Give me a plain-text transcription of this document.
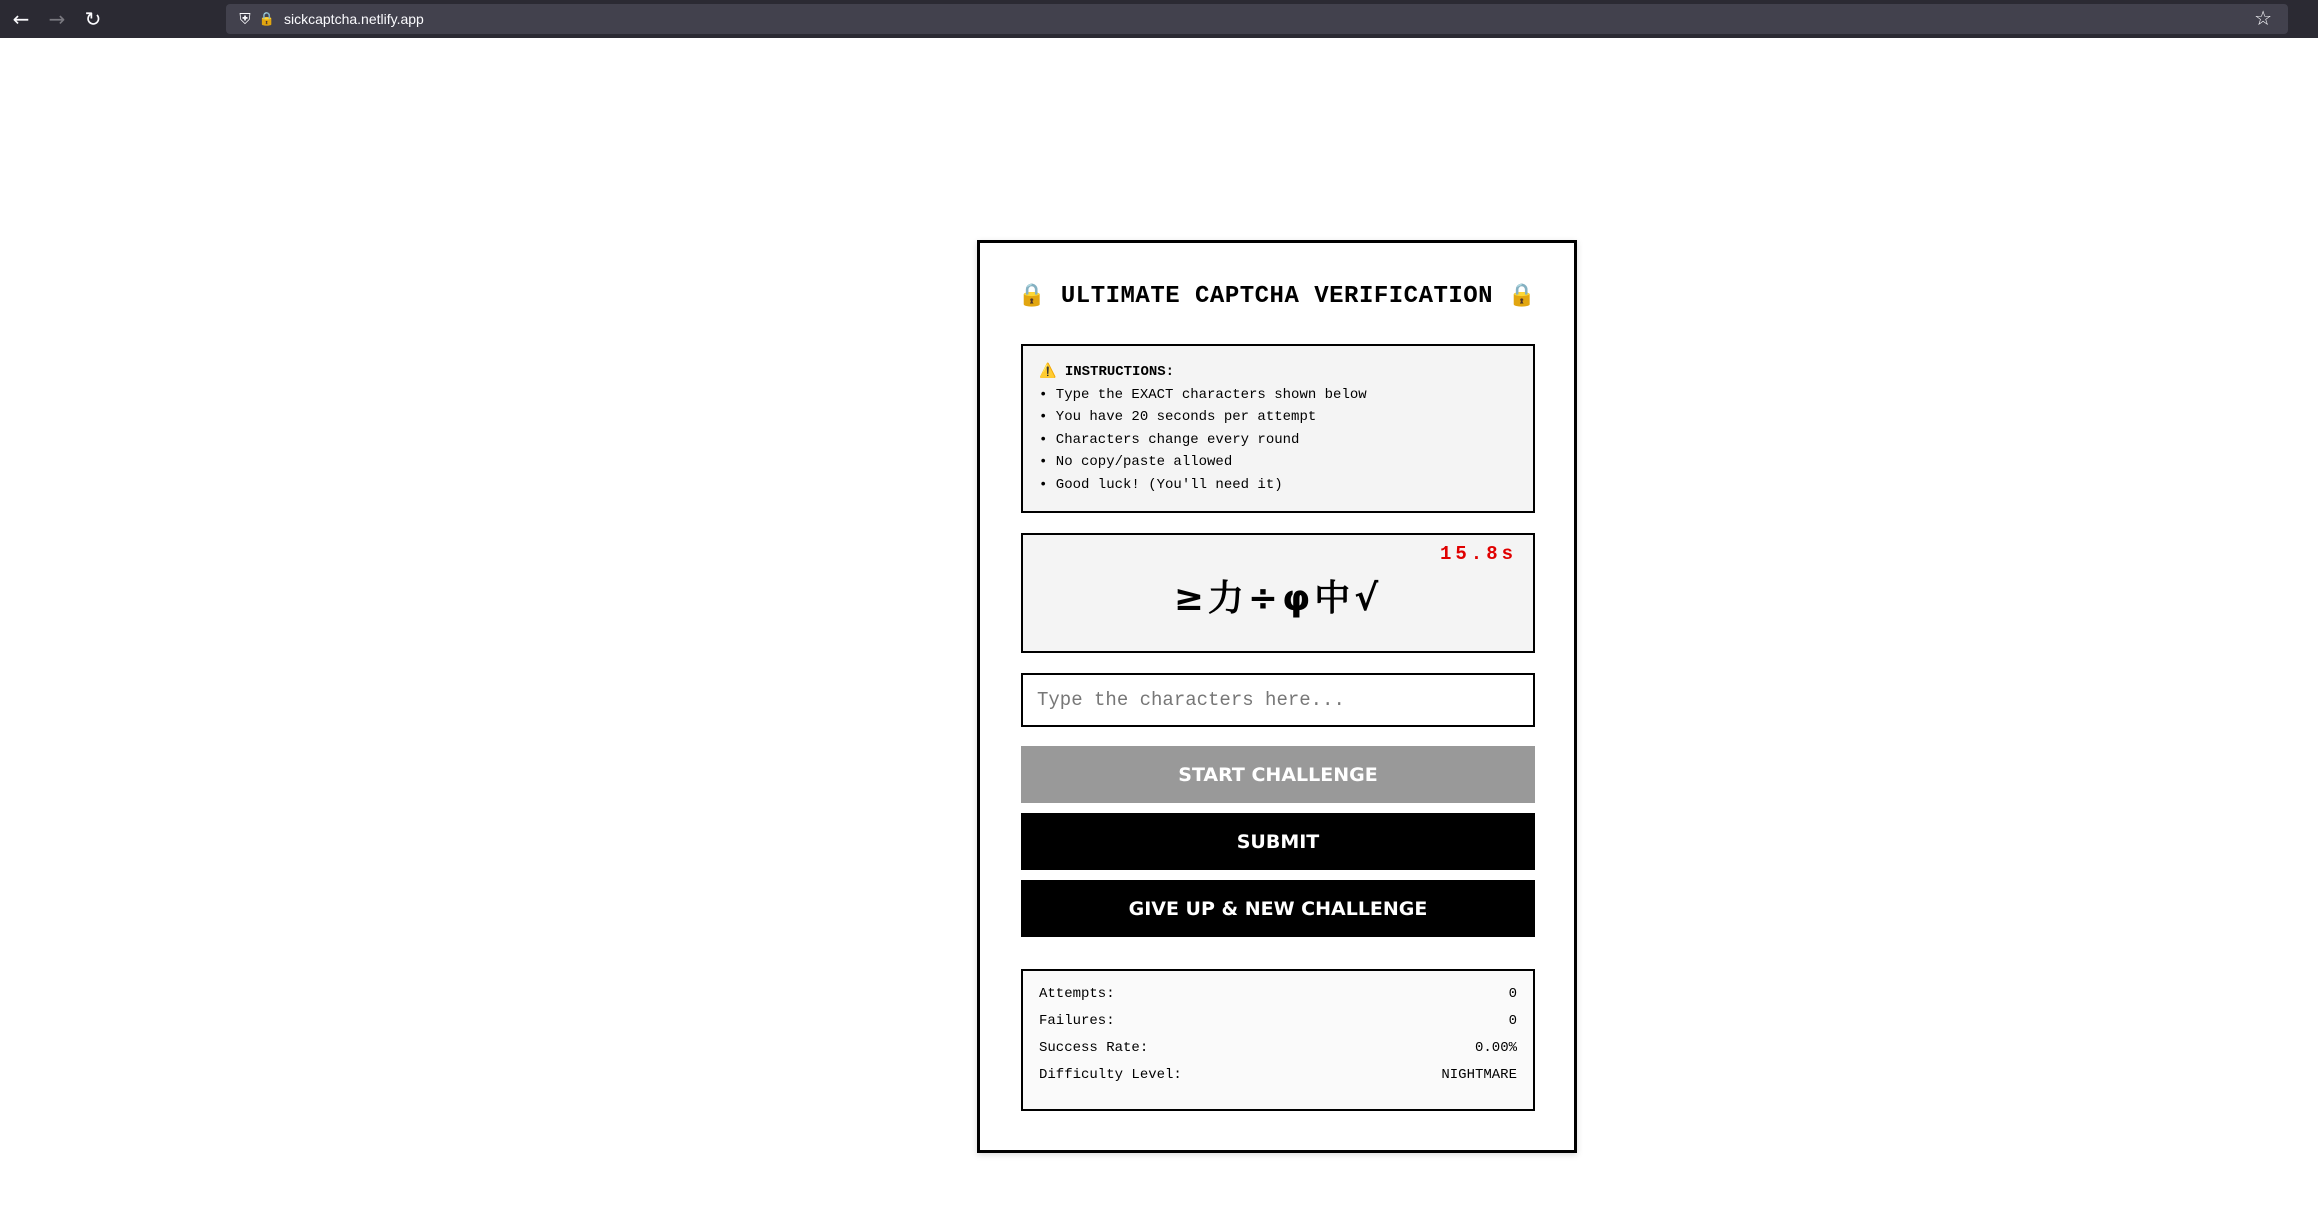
← → ↻	⛨ 🔒 sickcaptcha.netlify.app	☆
🔒 ULTIMATE CAPTCHA VERIFICATION 🔒
⚠️ INSTRUCTIONS:
• Type the EXACT characters shown below
• You have 20 seconds per attempt
• Characters change every round
• No copy/paste allowed
• Good luck! (You'll need it)
15.8s
≥力÷φ中√
Type the characters here...
START CHALLENGE
SUBMIT
GIVE UP & NEW CHALLENGE
Attempts:	0
Failures:	0
Success Rate:	0.00%
Difficulty Level:	NIGHTMARE
